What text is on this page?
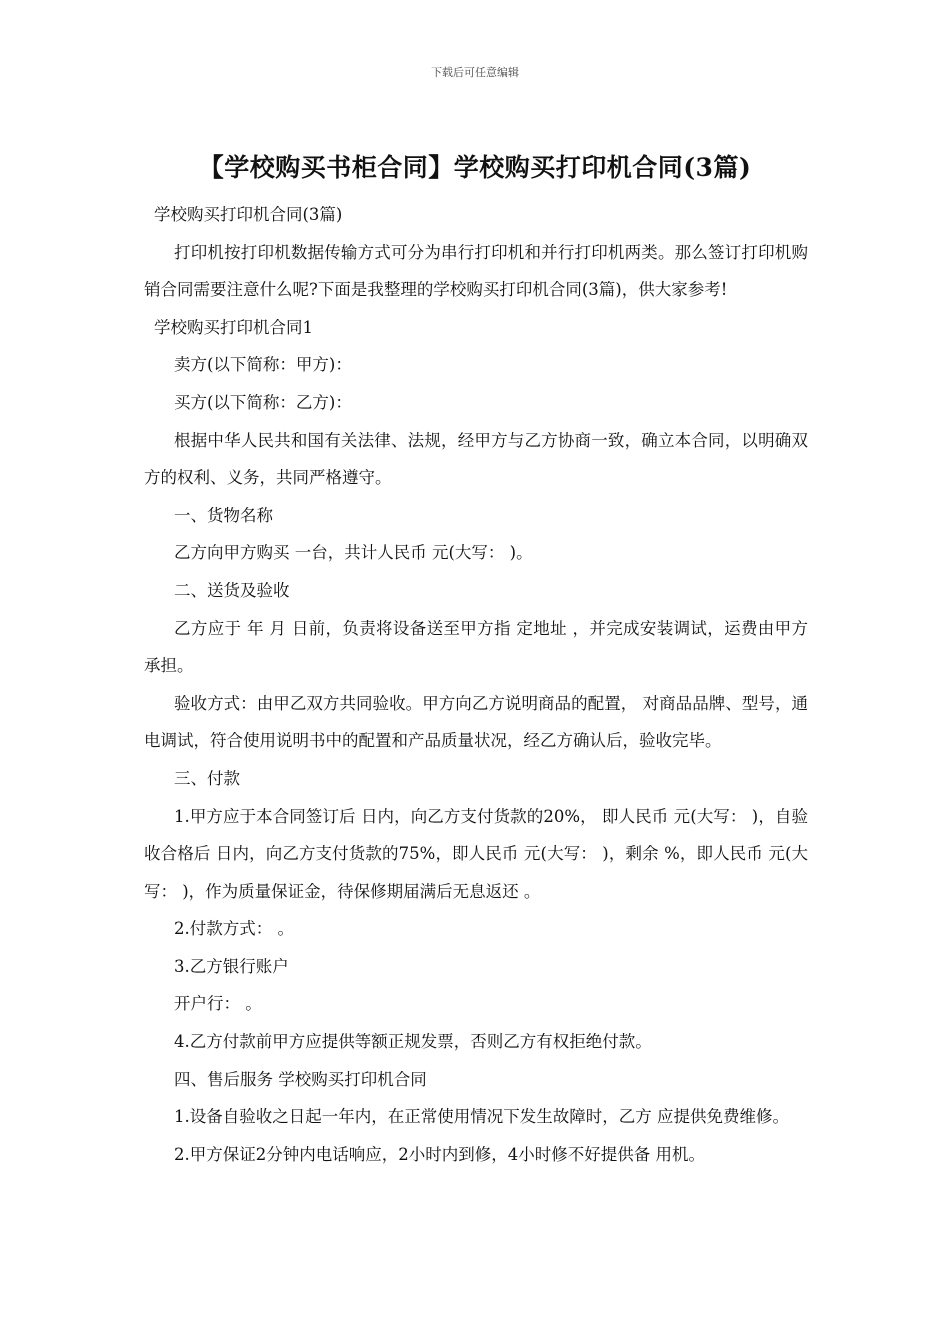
下载后可任意编辑
【学校购买书柜合同】学校购买打印机合同(3篇)

学校购买打印机合同(3篇)

打印机按打印机数据传输方式可分为串行打印机和并行打印机两类。那么签订打印机购销合同需要注意什么呢?下面是我整理的学校购买打印机合同(3篇)，供大家参考!

学校购买打印机合同1

卖方(以下简称：甲方)：

买方(以下简称：乙方)：

根据中华人民共和国有关法律、法规，经甲方与乙方协商一致，确立本合同，以明确双方的权利、义务，共同严格遵守。

一、货物名称

乙方向甲方购买 一台，共计人民币 元(大写： )。

二、送货及验收

乙方应于 年 月 日前，负责将设备送至甲方指 定地址 ，并完成安装调试，运费由甲方承担。

验收方式：由甲乙双方共同验收。甲方向乙方说明商品的配置， 对商品品牌、型号，通电调试，符合使用说明书中的配置和产品质量状况，经乙方确认后，验收完毕。

三、付款

1.甲方应于本合同签订后 日内，向乙方支付货款的20%， 即人民币 元(大写： )，自验收合格后 日内，向乙方支付货款的75%，即人民币 元(大写： )，剩余 %，即人民币 元(大写： )，作为质量保证金，待保修期届满后无息返还 。

2.付款方式： 。

3.乙方银行账户

开户行： 。

4.乙方付款前甲方应提供等额正规发票，否则乙方有权拒绝付款。

四、售后服务 学校购买打印机合同

1.设备自验收之日起一年内，在正常使用情况下发生故障时，乙方 应提供免费维修。

2.甲方保证2分钟内电话响应，2小时内到修，4小时修不好提供备 用机。
